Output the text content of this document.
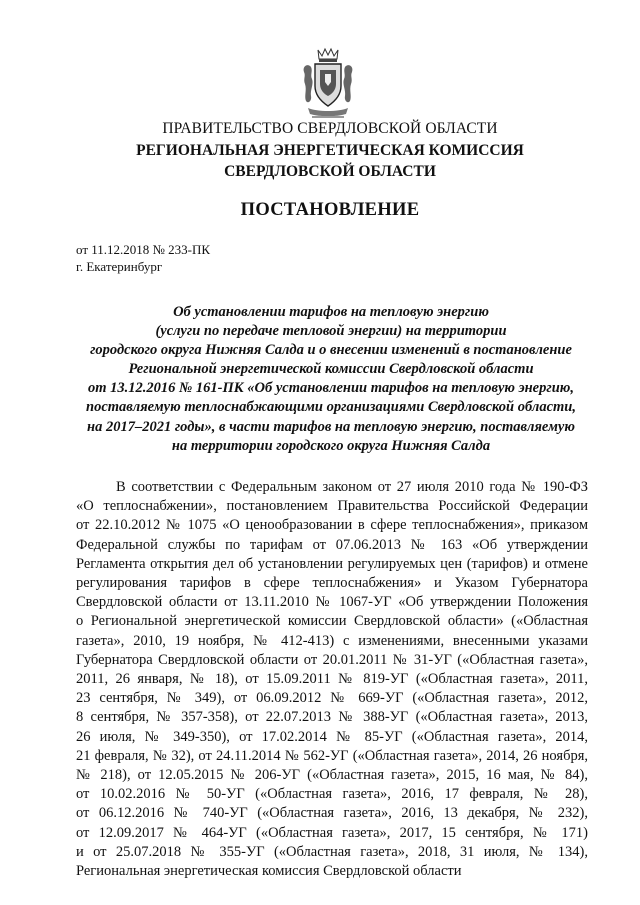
ПРАВИТЕЛЬСТВО СВЕРДЛОВСКОЙ ОБЛАСТИ
РЕГИОНАЛЬНАЯ ЭНЕРГЕТИЧЕСКАЯ КОМИССИЯ
СВЕРДЛОВСКОЙ ОБЛАСТИ
ПОСТАНОВЛЕНИЕ
от 11.12.2018 № 233-ПК
г. Екатеринбург
Об установлении тарифов на тепловую энергию
(услуги по передаче тепловой энергии) на территории
городского округа Нижняя Салда и о внесении изменений в постановление
Региональной энергетической комиссии Свердловской области
от 13.12.2016 № 161-ПК «Об установлении тарифов на тепловую энергию,
поставляемую теплоснабжающими организациями Свердловской области,
на 2017–2021 годы», в части тарифов на тепловую энергию, поставляемую
на территории городского округа Нижняя Салда
В соответствии с Федеральным законом от 27 июля 2010 года № 190-ФЗ
«О теплоснабжении», постановлением Правительства Российской Федерации
от 22.10.2012 № 1075 «О ценообразовании в сфере теплоснабжения», приказом
Федеральной службы по тарифам от 07.06.2013 № 163 «Об утверждении
Регламента открытия дел об установлении регулируемых цен (тарифов) и отмене
регулирования тарифов в сфере теплоснабжения» и Указом Губернатора
Свердловской области от 13.11.2010 № 1067-УГ «Об утверждении Положения
о Региональной энергетической комиссии Свердловской области» («Областная
газета», 2010, 19 ноября, № 412-413) с изменениями, внесенными указами
Губернатора Свердловской области от 20.01.2011 № 31-УГ («Областная газета»,
2011, 26 января, № 18), от 15.09.2011 № 819-УГ («Областная газета», 2011,
23 сентября, № 349), от 06.09.2012 № 669-УГ («Областная газета», 2012,
8 сентября, № 357-358), от 22.07.2013 № 388-УГ («Областная газета», 2013,
26 июля, № 349-350), от 17.02.2014 № 85-УГ («Областная газета», 2014,
21 февраля, № 32), от 24.11.2014 № 562-УГ («Областная газета», 2014, 26 ноября,
№ 218), от 12.05.2015 № 206-УГ («Областная газета», 2015, 16 мая, № 84),
от 10.02.2016 № 50-УГ («Областная газета», 2016, 17 февраля, № 28),
от 06.12.2016 № 740-УГ («Областная газета», 2016, 13 декабря, № 232),
от 12.09.2017 № 464-УГ («Областная газета», 2017, 15 сентября, № 171)
и от 25.07.2018 № 355-УГ («Областная газета», 2018, 31 июля, № 134),
Региональная энергетическая комиссия Свердловской области
